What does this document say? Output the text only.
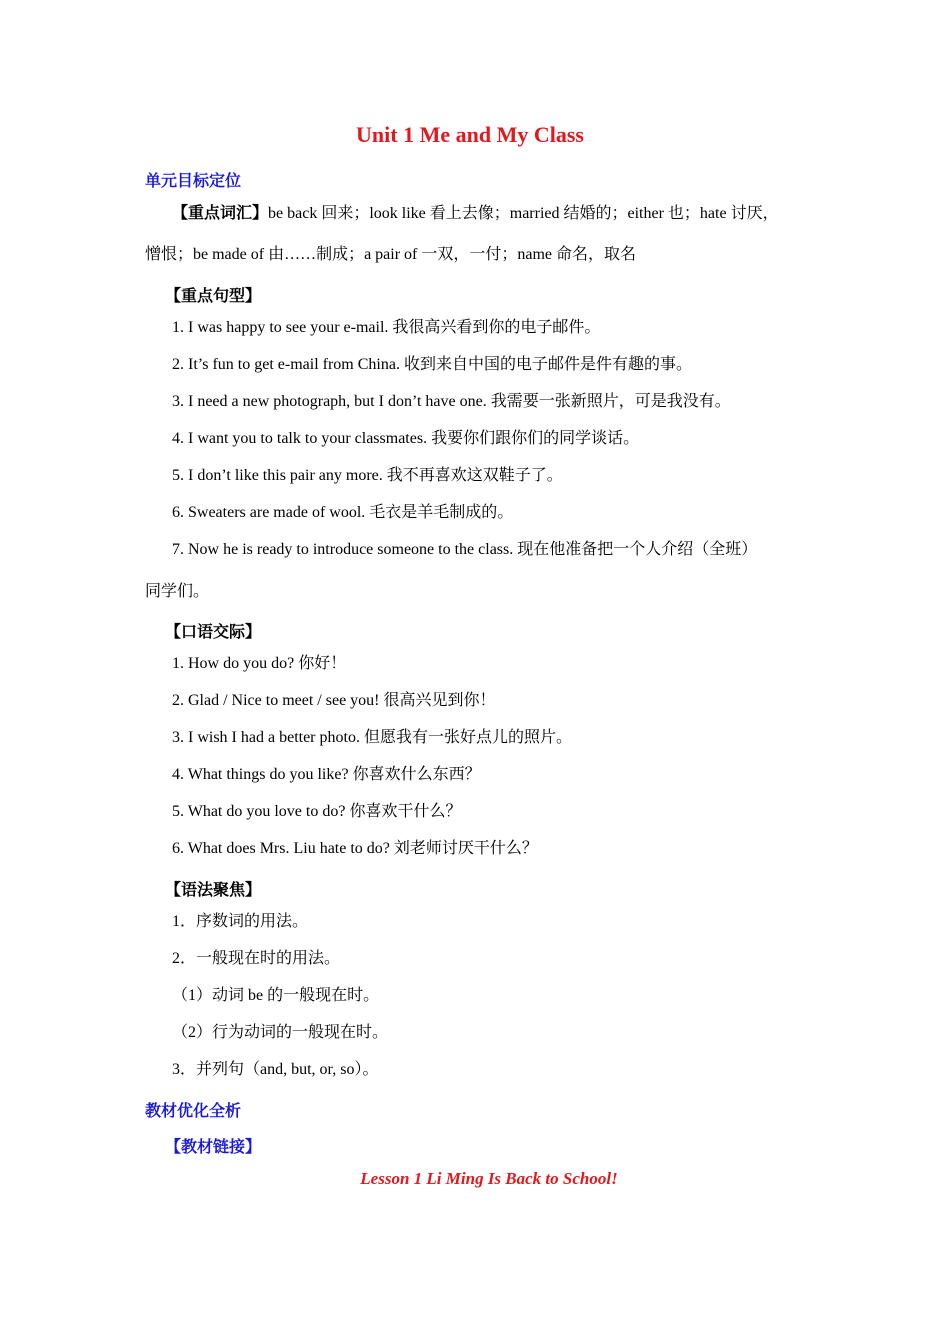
Unit 1 Me and My Class
单元目标定位
【重点词汇】be back 回来；look like 看上去像；married 结婚的；either 也；hate 讨厌，
憎恨；be made of 由……制成；a pair of 一双，一付；name 命名，取名
【重点句型】
1. I was happy to see your e-mail. 我很高兴看到你的电子邮件。
2. It’s fun to get e-mail from China. 收到来自中国的电子邮件是件有趣的事。
3. I need a new photograph, but I don’t have one. 我需要一张新照片，可是我没有。
4. I want you to talk to your classmates. 我要你们跟你们的同学谈话。
5. I don’t like this pair any more. 我不再喜欢这双鞋子了。
6. Sweaters are made of wool. 毛衣是羊毛制成的。
7. Now he is ready to introduce someone to the class. 现在他准备把一个人介绍（全班）
同学们。
【口语交际】
1. How do you do? 你好！
2. Glad / Nice to meet / see you! 很高兴见到你！
3. I wish I had a better photo. 但愿我有一张好点儿的照片。
4. What things do you like? 你喜欢什么东西？
5. What do you love to do? 你喜欢干什么？
6. What does Mrs. Liu hate to do? 刘老师讨厌干什么？
【语法聚焦】
1．序数词的用法。
2．一般现在时的用法。
（1）动词 be 的一般现在时。
（2）行为动词的一般现在时。
3．并列句（and, but, or, so）。
教材优化全析
【教材链接】
Lesson 1 Li Ming Is Back to School!
